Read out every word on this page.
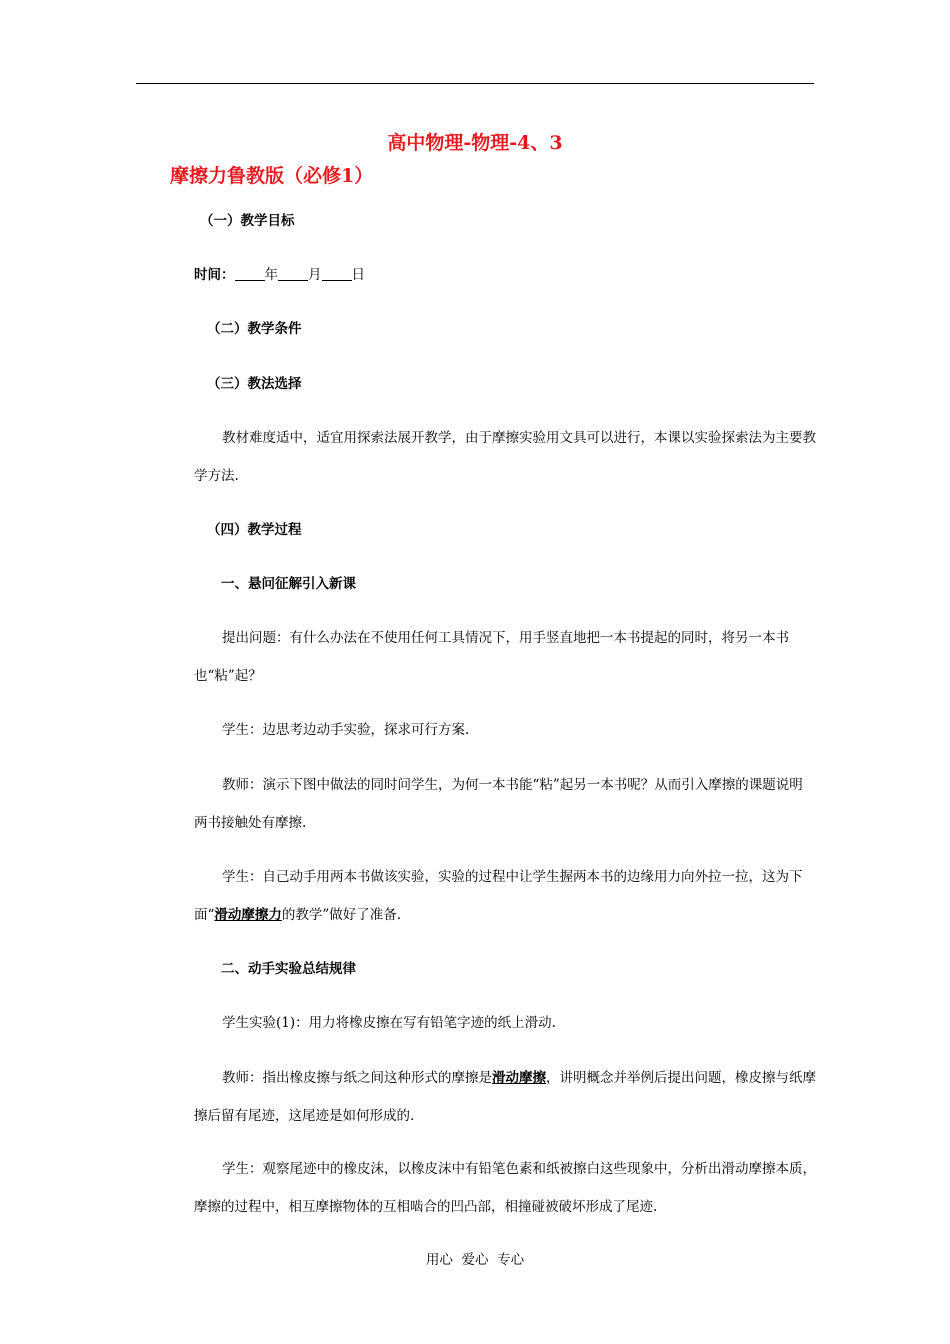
高中物理-物理-4、3
摩擦力鲁教版（必修1）
（一）教学目标
时间： 年 月 日
（二）教学条件
（三）教法选择

教材难度适中，适宜用探索法展开教学，由于摩擦实验用文具可以进行，本课以实验探索法为主要教学方法.

（四）教学过程
一、悬问征解引入新课

提出问题：有什么办法在不使用任何工具情况下，用手竖直地把一本书提起的同时，将另一本书也“粘”起？

学生：边思考边动手实验，探求可行方案.

教师：演示下图中做法的同时问学生，为何一本书能“粘”起另一本书呢？从而引入摩擦的课题说明两书接触处有摩擦.

学生：自己动手用两本书做该实验，实验的过程中让学生握两本书的边缘用力向外拉一拉，这为下面“滑动摩擦力的教学”做好了准备.

二、动手实验总结规律

学生实验(1)：用力将橡皮擦在写有铅笔字迹的纸上滑动.

教师：指出橡皮擦与纸之间这种形式的摩擦是滑动摩擦，讲明概念并举例后提出问题，橡皮擦与纸摩擦后留有尾迹，这尾迹是如何形成的.

学生：观察尾迹中的橡皮沫，以橡皮沫中有铅笔色素和纸被擦白这些现象中，分析出滑动摩擦本质，摩擦的过程中，相互摩擦物体的互相啮合的凹凸部，相撞碰被破坏形成了尾迹.

用心  爱心  专心
